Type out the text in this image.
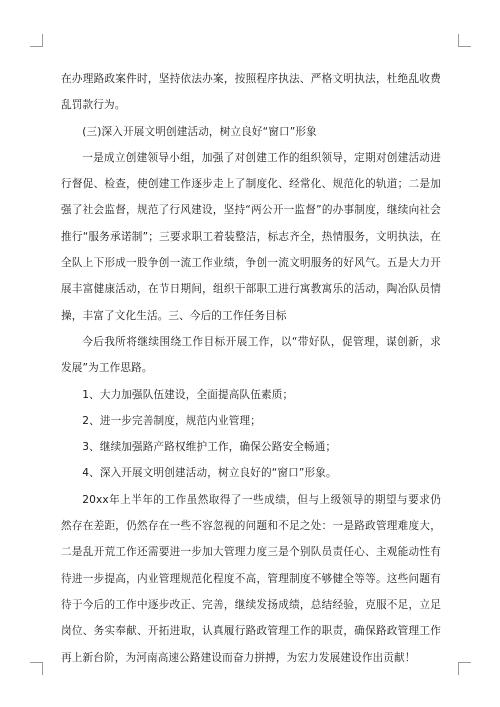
在办理路政案件时，坚持依法办案，按照程序执法、严格文明执法，杜绝乱收费乱罚款行为。

(三)深入开展文明创建活动，树立良好“窗口”形象

一是成立创建领导小组，加强了对创建工作的组织领导，定期对创建活动进行督促、检查，使创建工作逐步走上了制度化、经常化、规范化的轨道；二是加强了社会监督，规范了行风建设，坚持“两公开一监督”的办事制度，继续向社会推行“服务承诺制”；三要求职工着装整洁，标志齐全，热情服务，文明执法，在全队上下形成一股争创一流工作业绩，争创一流文明服务的好风气。五是大力开展丰富健康活动，在节日期间，组织干部职工进行寓教寓乐的活动，陶冶队员情操，丰富了文化生活。三、今后的工作任务目标

今后我所将继续围绕工作目标开展工作，以“带好队，促管理，谋创新，求发展”为工作思路。

1、大力加强队伍建设，全面提高队伍素质；

2、进一步完善制度，规范内业管理；

3、继续加强路产路权维护工作，确保公路安全畅通；

4、深入开展文明创建活动，树立良好的“窗口”形象。

20xx年上半年的工作虽然取得了一些成绩，但与上级领导的期望与要求仍然存在差距，仍然存在一些不容忽视的问题和不足之处：一是路政管理难度大，二是乱开荒工作还需要进一步加大管理力度三是个别队员责任心、主观能动性有待进一步提高，内业管理规范化程度不高，管理制度不够健全等等。这些问题有待于今后的工作中逐步改正、完善，继续发扬成绩，总结经验，克服不足，立足岗位、务实奉献、开拓进取，认真履行路政管理工作的职责，确保路政管理工作再上新台阶，为河南高速公路建设而奋力拼搏，为宏力发展建设作出贡献！
